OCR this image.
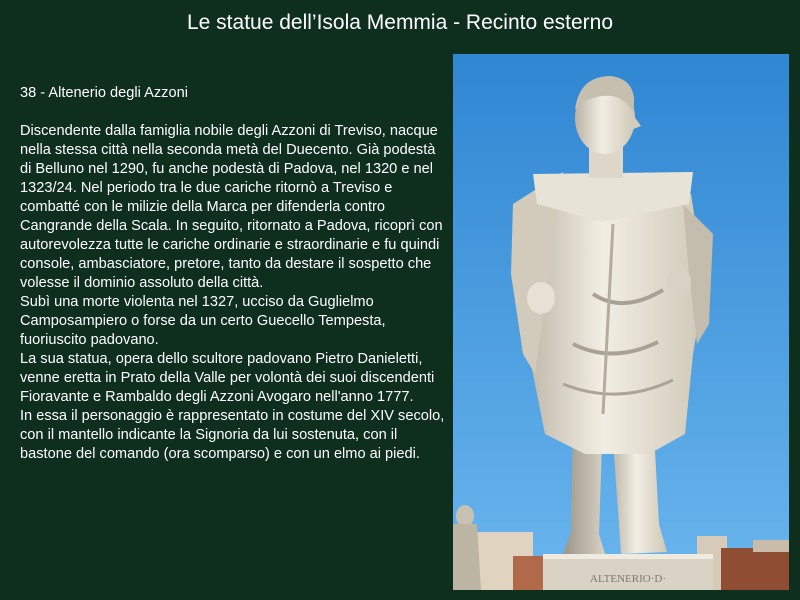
Le statue dell’Isola Memmia - Recinto esterno

38 - Altenerio degli Azzoni

Discendente dalla famiglia nobile degli Azzoni di Treviso, nacque nella stessa città nella seconda metà del Duecento. Già podestà di Belluno nel 1290, fu anche podestà di Padova, nel 1320 e nel 1323/24. Nel periodo tra le due cariche ritornò a Treviso e combatté con le milizie della Marca per difenderla contro Cangrande della Scala. In seguito, ritornato a Padova, ricoprì con autorevolezza tutte le cariche ordinarie e straordinarie e fu quindi console, ambasciatore, pretore, tanto da destare il sospetto che volesse il dominio assoluto della città.

Subì una morte violenta nel 1327, ucciso da Guglielmo Camposampiero o forse da un certo Guecello Tempesta, fuoriuscito padovano.

La sua statua, opera dello scultore padovano Pietro Danieletti, venne eretta in Prato della Valle per volontà dei suoi discendenti Fioravante e Rambaldo degli Azzoni Avogaro nell'anno 1777.

In essa il personaggio è rappresentato in costume del XIV secolo, con il mantello indicante la Signoria da lui sostenuta, con il bastone del comando (ora scomparso) e con un elmo ai piedi.

ALTENERIO·D·
